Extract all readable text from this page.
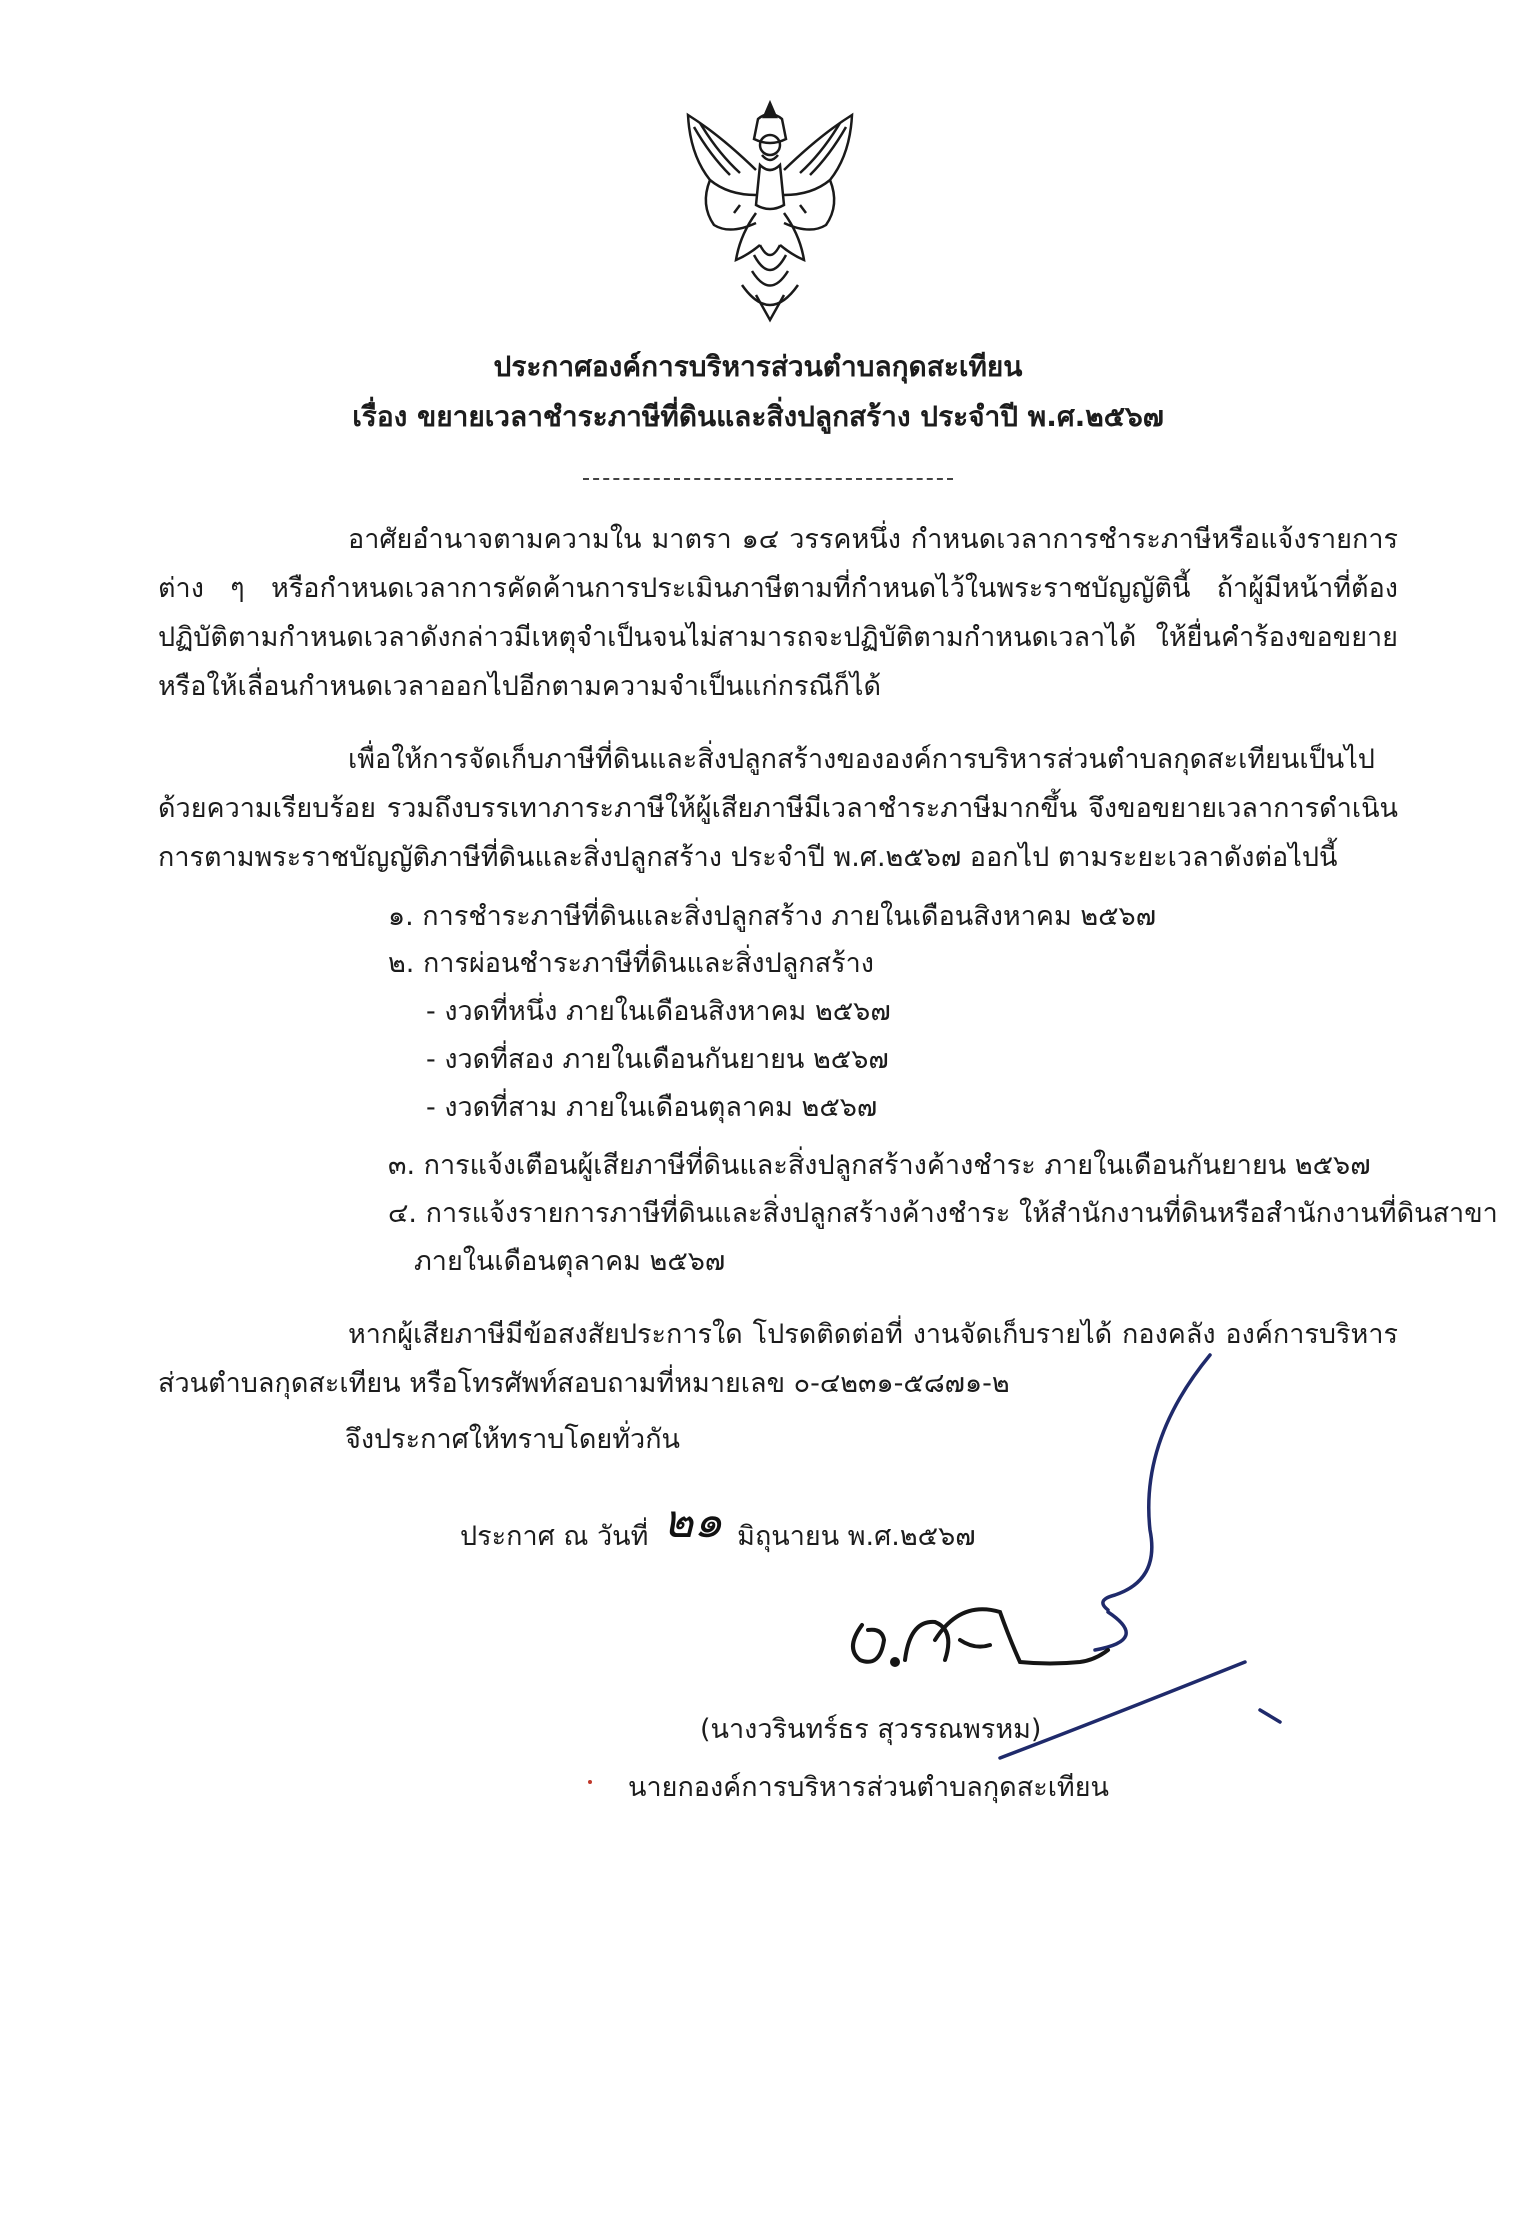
ประกาศองค์การบริหารส่วนตำบลกุดสะเทียน
เรื่อง ขยายเวลาชำระภาษีที่ดินและสิ่งปลูกสร้าง ประจำปี พ.ศ.๒๕๖๗
อาศัยอำนาจตามความใน มาตรา ๑๔ วรรคหนึ่ง กำหนดเวลาการชำระภาษีหรือแจ้งรายการต่าง ๆ หรือกำหนดเวลาการคัดค้านการประเมินภาษีตามที่กำหนดไว้ในพระราชบัญญัตินี้ ถ้าผู้มีหน้าที่ต้องปฏิบัติตามกำหนดเวลาดังกล่าวมีเหตุจำเป็นจนไม่สามารถจะปฏิบัติตามกำหนดเวลาได้ ให้ยื่นคำร้องขอขยายหรือให้เลื่อนกำหนดเวลาออกไปอีกตามความจำเป็นแก่กรณีก็ได้
เพื่อให้การจัดเก็บภาษีที่ดินและสิ่งปลูกสร้างขององค์การบริหารส่วนตำบลกุดสะเทียนเป็นไปด้วยความเรียบร้อย รวมถึงบรรเทาภาระภาษีให้ผู้เสียภาษีมีเวลาชำระภาษีมากขึ้น จึงขอขยายเวลาการดำเนินการตามพระราชบัญญัติภาษีที่ดินและสิ่งปลูกสร้าง ประจำปี พ.ศ.๒๕๖๗ ออกไป ตามระยะเวลาดังต่อไปนี้
๑. การชำระภาษีที่ดินและสิ่งปลูกสร้าง ภายในเดือนสิงหาคม ๒๕๖๗
๒. การผ่อนชำระภาษีที่ดินและสิ่งปลูกสร้าง
- งวดที่หนึ่ง ภายในเดือนสิงหาคม ๒๕๖๗
- งวดที่สอง ภายในเดือนกันยายน ๒๕๖๗
- งวดที่สาม ภายในเดือนตุลาคม ๒๕๖๗
๓. การแจ้งเตือนผู้เสียภาษีที่ดินและสิ่งปลูกสร้างค้างชำระ ภายในเดือนกันยายน ๒๕๖๗
๔. การแจ้งรายการภาษีที่ดินและสิ่งปลูกสร้างค้างชำระ ให้สำนักงานที่ดินหรือสำนักงานที่ดินสาขา
ภายในเดือนตุลาคม ๒๕๖๗
หากผู้เสียภาษีมีข้อสงสัยประการใด โปรดติดต่อที่ งานจัดเก็บรายได้ กองคลัง องค์การบริหารส่วนตำบลกุดสะเทียน หรือโทรศัพท์สอบถามที่หมายเลข ๐-๔๒๓๑-๕๘๗๑-๒
จึงประกาศให้ทราบโดยทั่วกัน
ประกาศ ณ วันที่ ๒๑ มิถุนายน พ.ศ.๒๕๖๗
(นางวรินทร์ธร สุวรรณพรหม)
นายกองค์การบริหารส่วนตำบลกุดสะเทียน
